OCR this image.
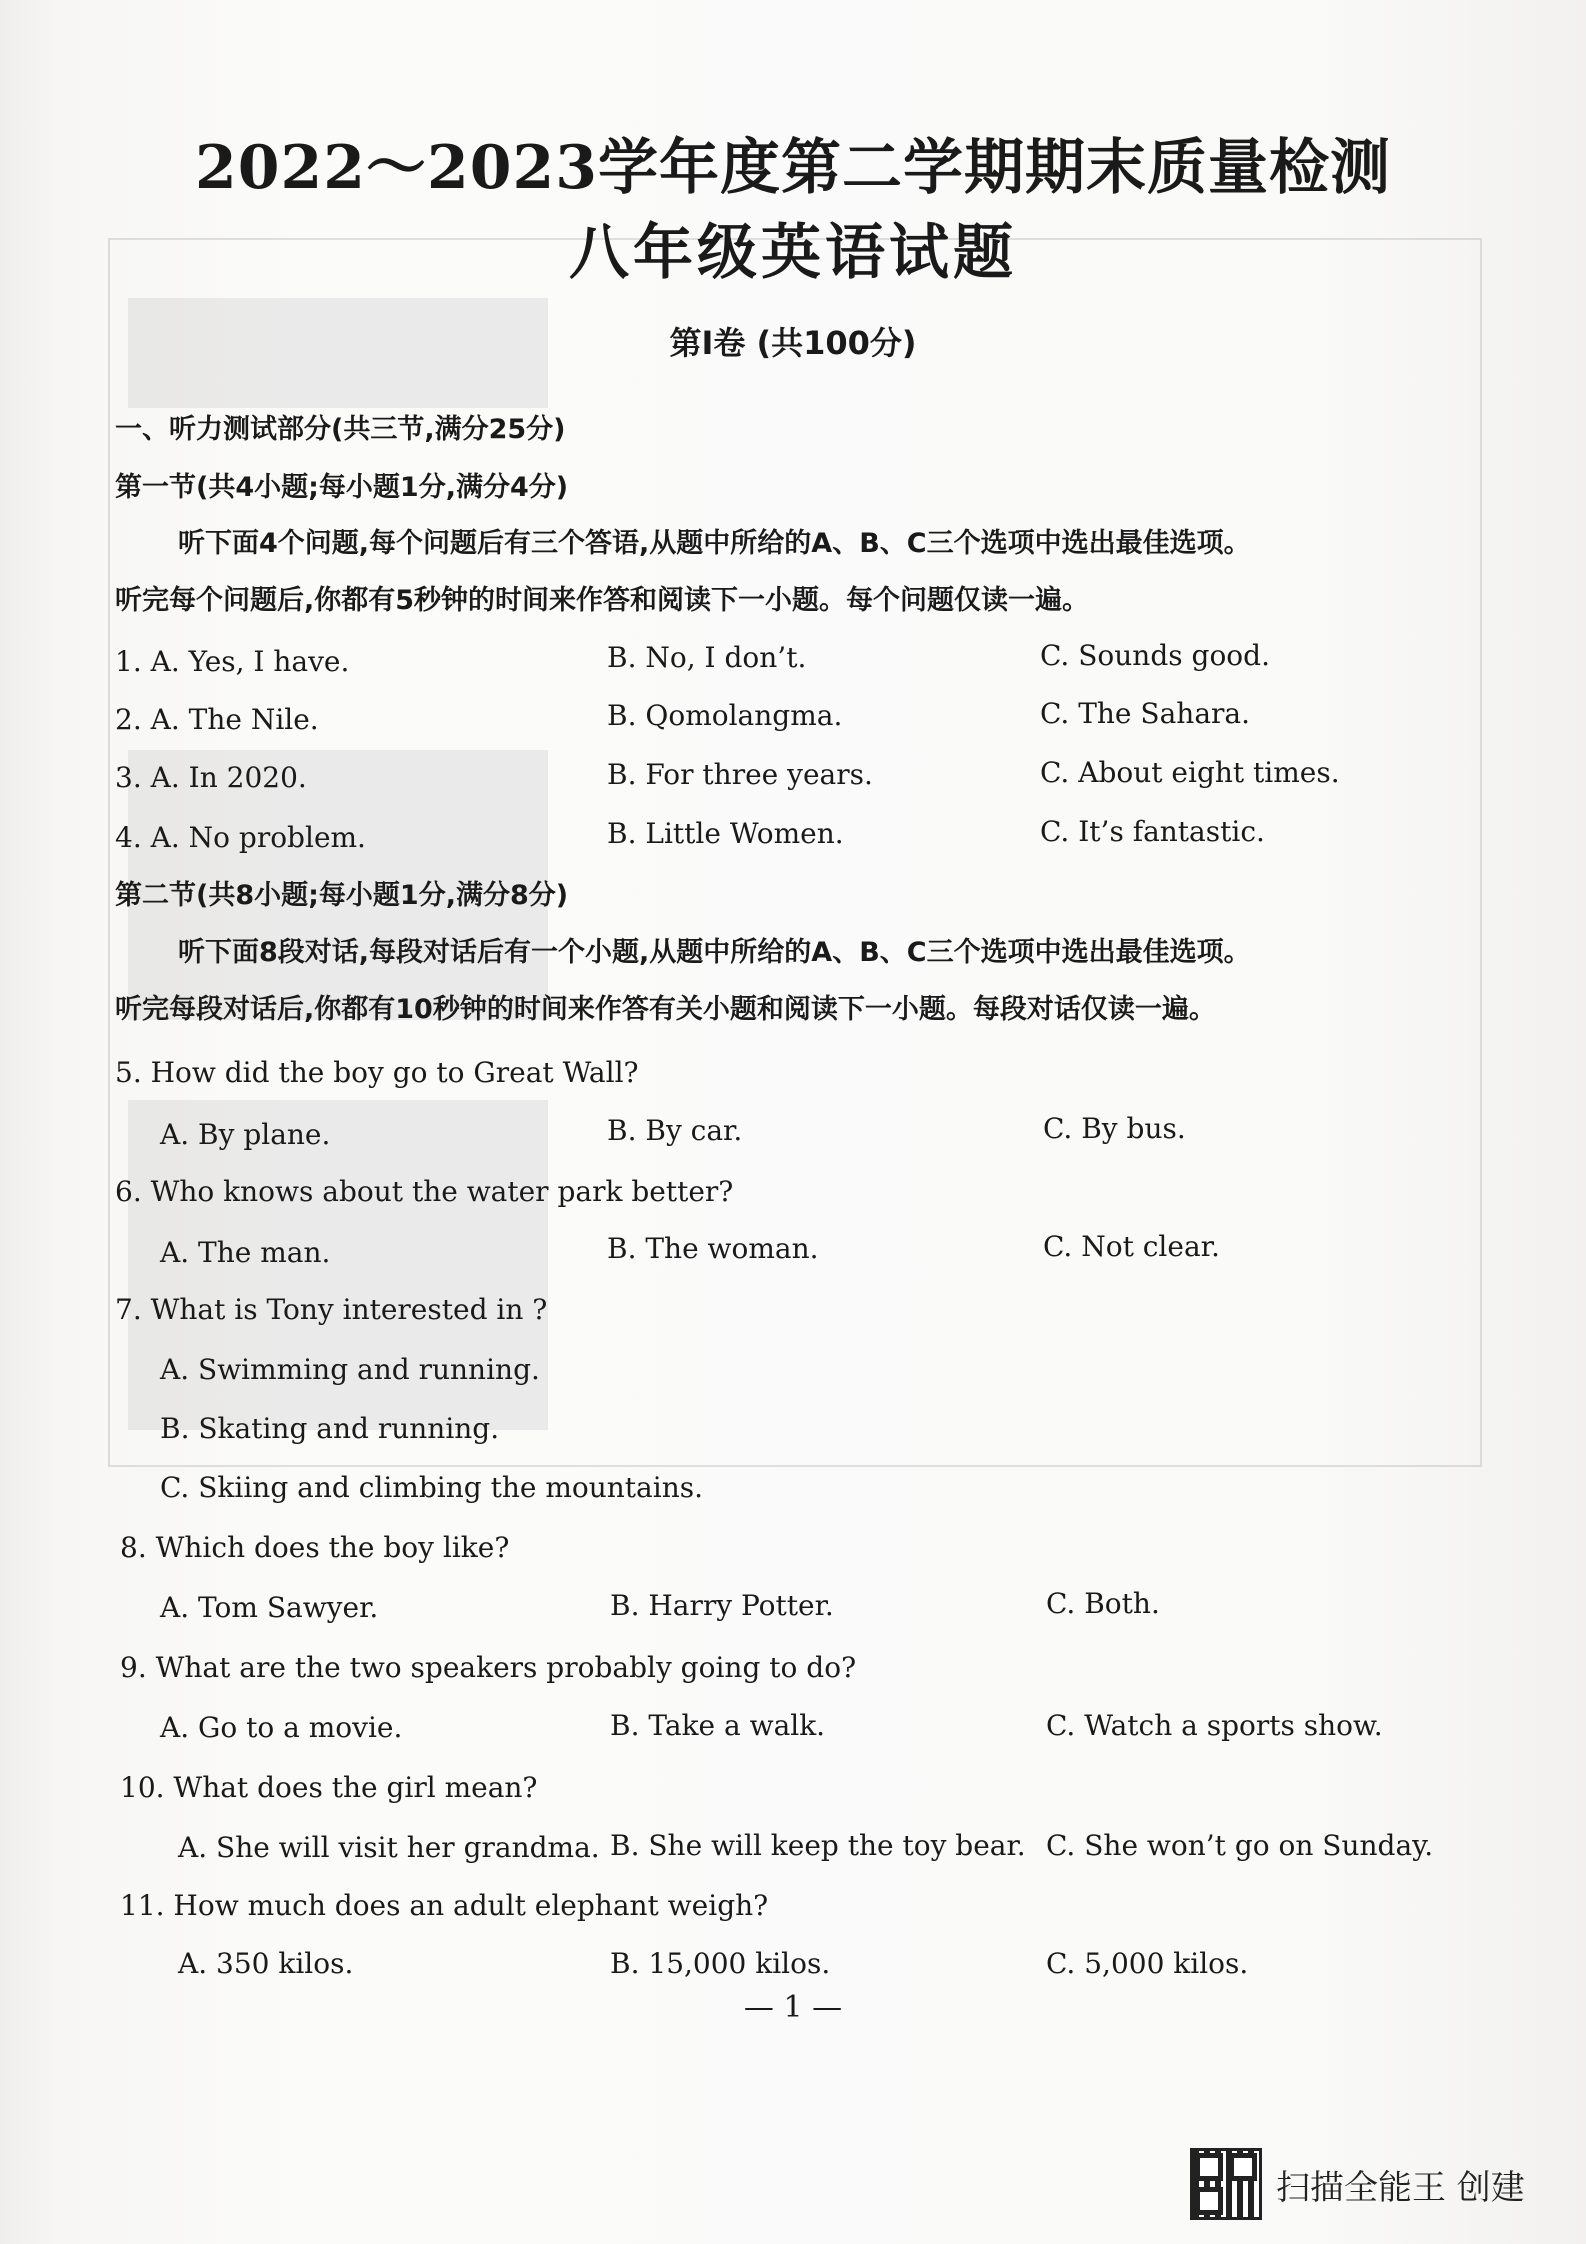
2022～2023学年度第二学期期末质量检测
八年级英语试题
第Ⅰ卷 (共100分)
一、听力测试部分(共三节,满分25分)
第一节(共4小题;每小题1分,满分4分)
听下面4个问题,每个问题后有三个答语,从题中所给的A、B、C三个选项中选出最佳选项。
听完每个问题后,你都有5秒钟的时间来作答和阅读下一小题。每个问题仅读一遍。
1. A. Yes, I have.	B. No, I don’t.	C. Sounds good.
2. A. The Nile.	B. Qomolangma.	C. The Sahara.
3. A. In 2020.	B. For three years.	C. About eight times.
4. A. No problem.	B. Little Women.	C. It’s fantastic.
第二节(共8小题;每小题1分,满分8分)
听下面8段对话,每段对话后有一个小题,从题中所给的A、B、C三个选项中选出最佳选项。
听完每段对话后,你都有10秒钟的时间来作答有关小题和阅读下一小题。每段对话仅读一遍。
5. How did the boy go to Great Wall?
A. By plane.	B. By car.	C. By bus.
6. Who knows about the water park better?
A. The man.	B. The woman.	C. Not clear.
7. What is Tony interested in ?
A. Swimming and running.
B. Skating and running.
C. Skiing and climbing the mountains.
8. Which does the boy like?
A. Tom Sawyer.	B. Harry Potter.	C. Both.
9. What are the two speakers probably going to do?
A. Go to a movie.	B. Take a walk.	C. Watch a sports show.
10. What does the girl mean?
A. She will visit her grandma. B. She will keep the toy bear. C. She won’t go on Sunday.
11. How much does an adult elephant weigh?
A. 350 kilos.	B. 15,000 kilos.	C. 5,000 kilos.
— 1 —
扫描全能王 创建
